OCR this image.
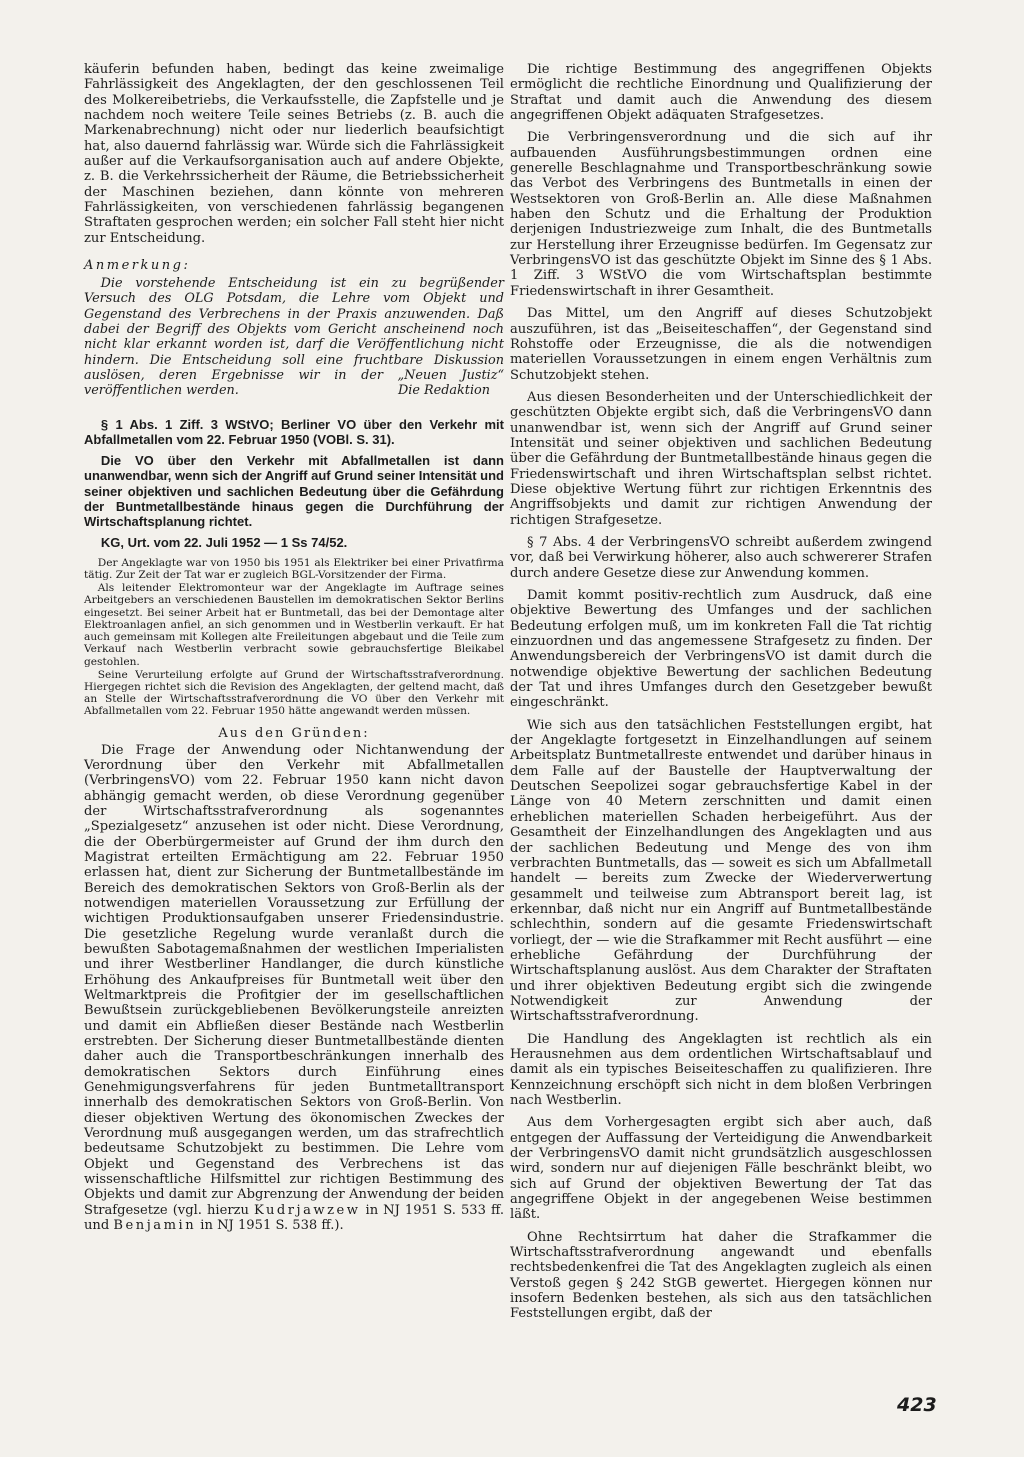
käuferin befunden haben, bedingt das keine zweimalige Fahrlässigkeit des Angeklagten, der den geschlossenen Teil des Molkereibetriebs, die Verkaufsstelle, die Zapfstelle und je nachdem noch weitere Teile seines Betriebs (z. B. auch die Markenabrechnung) nicht oder nur liederlich beaufsichtigt hat, also dauernd fahrlässig war. Würde sich die Fahrlässigkeit außer auf die Verkaufsorganisation auch auf andere Objekte, z. B. die Verkehrssicherheit der Räume, die Betriebssicherheit der Maschinen beziehen, dann könnte von mehreren Fahrlässigkeiten, von verschiedenen fahrlässig begangenen Straftaten gesprochen werden; ein solcher Fall steht hier nicht zur Entscheidung.

Anmerkung:

Die vorstehende Entscheidung ist ein zu begrüßender Versuch des OLG Potsdam, die Lehre vom Objekt und Gegenstand des Verbrechens in der Praxis anzuwenden. Daß dabei der Begriff des Objekts vom Gericht anscheinend noch nicht klar erkannt worden ist, darf die Veröffentlichung nicht hindern. Die Entscheidung soll eine fruchtbare Diskussion auslösen, deren Ergebnisse wir in der „Neuen Justiz“ veröffentlichen werden.	Die Redaktion

§ 1 Abs. 1 Ziff. 3 WStVO; Berliner VO über den Verkehr mit Abfallmetallen vom 22. Februar 1950 (VOBl. S. 31).

Die VO über den Verkehr mit Abfallmetallen ist dann unanwendbar, wenn sich der Angriff auf Grund seiner Intensität und seiner objektiven und sachlichen Bedeutung über die Gefährdung der Buntmetallbestände hinaus gegen die Durchführung der Wirtschaftsplanung richtet.

KG, Urt. vom 22. Juli 1952 — 1 Ss 74/52.

Der Angeklagte war von 1950 bis 1951 als Elektriker bei einer Privatfirma tätig. Zur Zeit der Tat war er zugleich BGL-Vorsitzender der Firma.

Als leitender Elektromonteur war der Angeklagte im Auftrage seines Arbeitgebers an verschiedenen Baustellen im demokratischen Sektor Berlins eingesetzt. Bei seiner Arbeit hat er Buntmetall, das bei der Demontage alter Elektroanlagen anfiel, an sich genommen und in Westberlin verkauft. Er hat auch gemeinsam mit Kollegen alte Freileitungen abgebaut und die Teile zum Verkauf nach Westberlin verbracht sowie gebrauchsfertige Bleikabel gestohlen.

Seine Verurteilung erfolgte auf Grund der Wirtschaftsstrafverordnung. Hiergegen richtet sich die Revision des Angeklagten, der geltend macht, daß an Stelle der Wirtschaftsstrafverordnung die VO über den Verkehr mit Abfallmetallen vom 22. Februar 1950 hätte angewandt werden müssen.

Aus den Gründen:

Die Frage der Anwendung oder Nichtanwendung der Verordnung über den Verkehr mit Abfallmetallen (VerbringensVO) vom 22. Februar 1950 kann nicht davon abhängig gemacht werden, ob diese Verordnung gegenüber der Wirtschaftsstrafverordnung als sogenanntes „Spezialgesetz“ anzusehen ist oder nicht. Diese Verordnung, die der Oberbürgermeister auf Grund der ihm durch den Magistrat erteilten Ermächtigung am 22. Februar 1950 erlassen hat, dient zur Sicherung der Buntmetallbestände im Bereich des demokratischen Sektors von Groß-Berlin als der notwendigen materiellen Voraussetzung zur Erfüllung der wichtigen Produktionsaufgaben unserer Friedensindustrie. Die gesetzliche Regelung wurde veranlaßt durch die bewußten Sabotagemaßnahmen der westlichen Imperialisten und ihrer Westberliner Handlanger, die durch künstliche Erhöhung des Ankaufpreises für Buntmetall weit über den Weltmarktpreis die Profitgier der im gesellschaftlichen Bewußtsein zurückgebliebenen Bevölkerungsteile anreizten und damit ein Abfließen dieser Bestände nach Westberlin erstrebten. Der Sicherung dieser Buntmetallbestände dienten daher auch die Transportbeschränkungen innerhalb des demokratischen Sektors durch Einführung eines Genehmigungsverfahrens für jeden Buntmetalltransport innerhalb des demokratischen Sektors von Groß-Berlin. Von dieser objektiven Wertung des ökonomischen Zweckes der Verordnung muß ausgegangen werden, um das strafrechtlich bedeutsame Schutzobjekt zu bestimmen. Die Lehre vom Objekt und Gegenstand des Verbrechens ist das wissenschaftliche Hilfsmittel zur richtigen Bestimmung des Objekts und damit zur Abgrenzung der Anwendung der beiden Strafgesetze (vgl. hierzu Kudrjawzew in NJ 1951 S. 533 ff. und Benjamin in NJ 1951 S. 538 ff.).

Die richtige Bestimmung des angegriffenen Objekts ermöglicht die rechtliche Einordnung und Qualifizierung der Straftat und damit auch die Anwendung des diesem angegriffenen Objekt adäquaten Strafgesetzes.

Die Verbringensverordnung und die sich auf ihr aufbauenden Ausführungsbestimmungen ordnen eine generelle Beschlagnahme und Transportbeschränkung sowie das Verbot des Verbringens des Buntmetalls in einen der Westsektoren von Groß-Berlin an. Alle diese Maßnahmen haben den Schutz und die Erhaltung der Produktion derjenigen Industriezweige zum Inhalt, die des Buntmetalls zur Herstellung ihrer Erzeugnisse bedürfen. Im Gegensatz zur VerbringensVO ist das geschützte Objekt im Sinne des § 1 Abs. 1 Ziff. 3 WStVO die vom Wirtschaftsplan bestimmte Friedenswirtschaft in ihrer Gesamtheit.

Das Mittel, um den Angriff auf dieses Schutzobjekt auszuführen, ist das „Beiseiteschaffen“, der Gegenstand sind Rohstoffe oder Erzeugnisse, die als die notwendigen materiellen Voraussetzungen in einem engen Verhältnis zum Schutzobjekt stehen.

Aus diesen Besonderheiten und der Unterschiedlichkeit der geschützten Objekte ergibt sich, daß die VerbringensVO dann unanwendbar ist, wenn sich der Angriff auf Grund seiner Intensität und seiner objektiven und sachlichen Bedeutung über die Gefährdung der Buntmetallbestände hinaus gegen die Friedenswirtschaft und ihren Wirtschaftsplan selbst richtet. Diese objektive Wertung führt zur richtigen Erkenntnis des Angriffsobjekts und damit zur richtigen Anwendung der richtigen Strafgesetze.

§ 7 Abs. 4 der VerbringensVO schreibt außerdem zwingend vor, daß bei Verwirkung höherer, also auch schwererer Strafen durch andere Gesetze diese zur Anwendung kommen.

Damit kommt positiv-rechtlich zum Ausdruck, daß eine objektive Bewertung des Umfanges und der sachlichen Bedeutung erfolgen muß, um im konkreten Fall die Tat richtig einzuordnen und das angemessene Strafgesetz zu finden. Der Anwendungsbereich der VerbringensVO ist damit durch die notwendige objektive Bewertung der sachlichen Bedeutung der Tat und ihres Umfanges durch den Gesetzgeber bewußt eingeschränkt.

Wie sich aus den tatsächlichen Feststellungen ergibt, hat der Angeklagte fortgesetzt in Einzelhandlungen auf seinem Arbeitsplatz Buntmetallreste entwendet und darüber hinaus in dem Falle auf der Baustelle der Hauptverwaltung der Deutschen Seepolizei sogar gebrauchsfertige Kabel in der Länge von 40 Metern zerschnitten und damit einen erheblichen materiellen Schaden herbeigeführt. Aus der Gesamtheit der Einzelhandlungen des Angeklagten und aus der sachlichen Bedeutung und Menge des von ihm verbrachten Buntmetalls, das — soweit es sich um Abfallmetall handelt — bereits zum Zwecke der Wiederverwertung gesammelt und teilweise zum Abtransport bereit lag, ist erkennbar, daß nicht nur ein Angriff auf Buntmetallbestände schlechthin, sondern auf die gesamte Friedenswirtschaft vorliegt, der — wie die Strafkammer mit Recht ausführt — eine erhebliche Gefährdung der Durchführung der Wirtschaftsplanung auslöst. Aus dem Charakter der Straftaten und ihrer objektiven Bedeutung ergibt sich die zwingende Notwendigkeit zur Anwendung der Wirtschaftsstrafverordnung.

Die Handlung des Angeklagten ist rechtlich als ein Herausnehmen aus dem ordentlichen Wirtschaftsablauf und damit als ein typisches Beiseiteschaffen zu qualifizieren. Ihre Kennzeichnung erschöpft sich nicht in dem bloßen Verbringen nach Westberlin.

Aus dem Vorhergesagten ergibt sich aber auch, daß entgegen der Auffassung der Verteidigung die Anwendbarkeit der VerbringensVO damit nicht grundsätzlich ausgeschlossen wird, sondern nur auf diejenigen Fälle beschränkt bleibt, wo sich auf Grund der objektiven Bewertung der Tat das angegriffene Objekt in der angegebenen Weise bestimmen läßt.

Ohne Rechtsirrtum hat daher die Strafkammer die Wirtschaftsstrafverordnung angewandt und ebenfalls rechtsbedenkenfrei die Tat des Angeklagten zugleich als einen Verstoß gegen § 242 StGB gewertet. Hiergegen können nur insofern Bedenken bestehen, als sich aus den tatsächlichen Feststellungen ergibt, daß der

423
